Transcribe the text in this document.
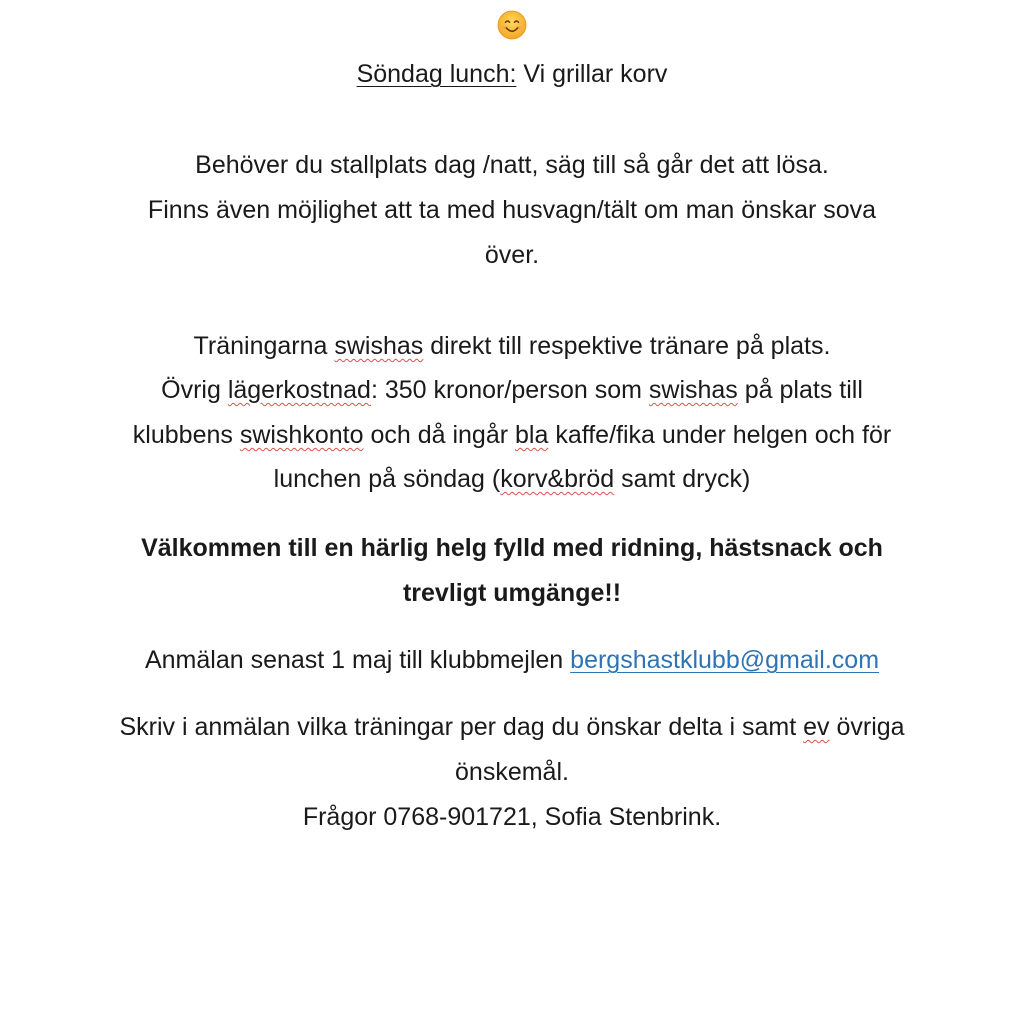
Söndag lunch: Vi grillar korv
Behöver du stallplats dag /natt, säg till så går det att lösa.
Finns även möjlighet att ta med husvagn/tält om man önskar sova
över.
Träningarna swishas direkt till respektive tränare på plats.
Övrig lägerkostnad: 350 kronor/person som swishas på plats till
klubbens swishkonto och då ingår bla kaffe/fika under helgen och för
lunchen på söndag (korv&bröd samt dryck)
Välkommen till en härlig helg fylld med ridning, hästsnack och
trevligt umgänge!!
Anmälan senast 1 maj till klubbmejlen bergshastklubb@gmail.com
Skriv i anmälan vilka träningar per dag du önskar delta i samt ev övriga
önskemål.
Frågor 0768-901721, Sofia Stenbrink.
